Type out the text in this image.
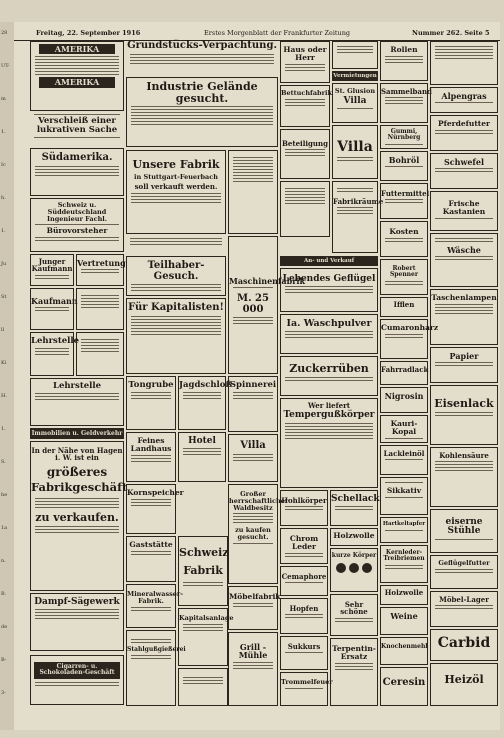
28
UT-
m
1.
Ic
h.
1.
Ju
St
ll
Ki
H.
1.
S.
he
1a
n.
B.
de
B-
3-
Freitag, 22. September 1916	Erstes Morgenblatt der Frankfurter Zeitung	Nummer 262. Seite 5
AMERIKA
AMERIKA
Verschleiß einer lukrativen Sache
Südamerika.
Schweiz u. Süddeutschland Ingenieur Fachl.
Bürovorsteher
Junger Kaufmann
Vertretung
Kaufmann
Lehrstelle
Lehrstelle
Immobilien u. Geldverkehr
In der Nähe von Hagen i. W. ist ein
größeres
Fabrikgeschäft
zu verkaufen.
Dampf-Sägewerk
Cigarren- u. Schokoladen-Geschäft
Grundstücks-Verpachtung.
Industrie Gelände gesucht.
Unsere Fabrik
in Stuttgart-Feuerbach
soll verkauft werden.
Teilhaber-Gesuch.
Für Kapitalisten!
Maschinenfabrik
M. 25 000
Tongrube Jagdschloß
Feines Landhaus
Hotel
Spinnerei
Villa
Kornspeicher
Gaststätte
Schweiz
Fabrik
Großer herrschaftlicher Waldbesitz
zu kaufen gesucht.
Mineralwasser-Fabrik.	Möbelfabrik
Kapitalsanlage
Stahlgußgießerei	Grill - Mühle
Haus oder Herr
Bettuchfabrik
Beteiligung
Vermietungen
St. Glusion
Villa
Villa
Fabrikräume
An- und Verkauf
Lebendes Geflügel
Ia. Waschpulver
Zuckerrüben
Wer liefert
Tempergußkörper
Hohlkörper Schellack
Chrom Leder
Holzwolle
kurze Körper
Cemaphore
Hopfen	Sehr schöne
Sukkurs	Terpentin-Ersatz
Trommelfeuer
Rollen
Sammelband
Gummi, Nürnberg
Bohröl
Futtermittel
Kosten
Robert Spenner
Ifflen
Cumaronharz
Fahrradlack
Nigrosin
Kauri-Kopal
Lackleinöl
Sikkativ
Hartkeltapfer
Kernleder-Treibriemen
Holzwolle
Weine
Knochenmehl
Ceresin
Alpengras
Pferdefutter
Schwefel
Frische Kastanien
Wäsche
Taschenlampen
Papier
Eisenlack
Kohlensäure
eiserne Stühle
Geflügelfutter
Möbel-Lager
Carbid
Heizöl
